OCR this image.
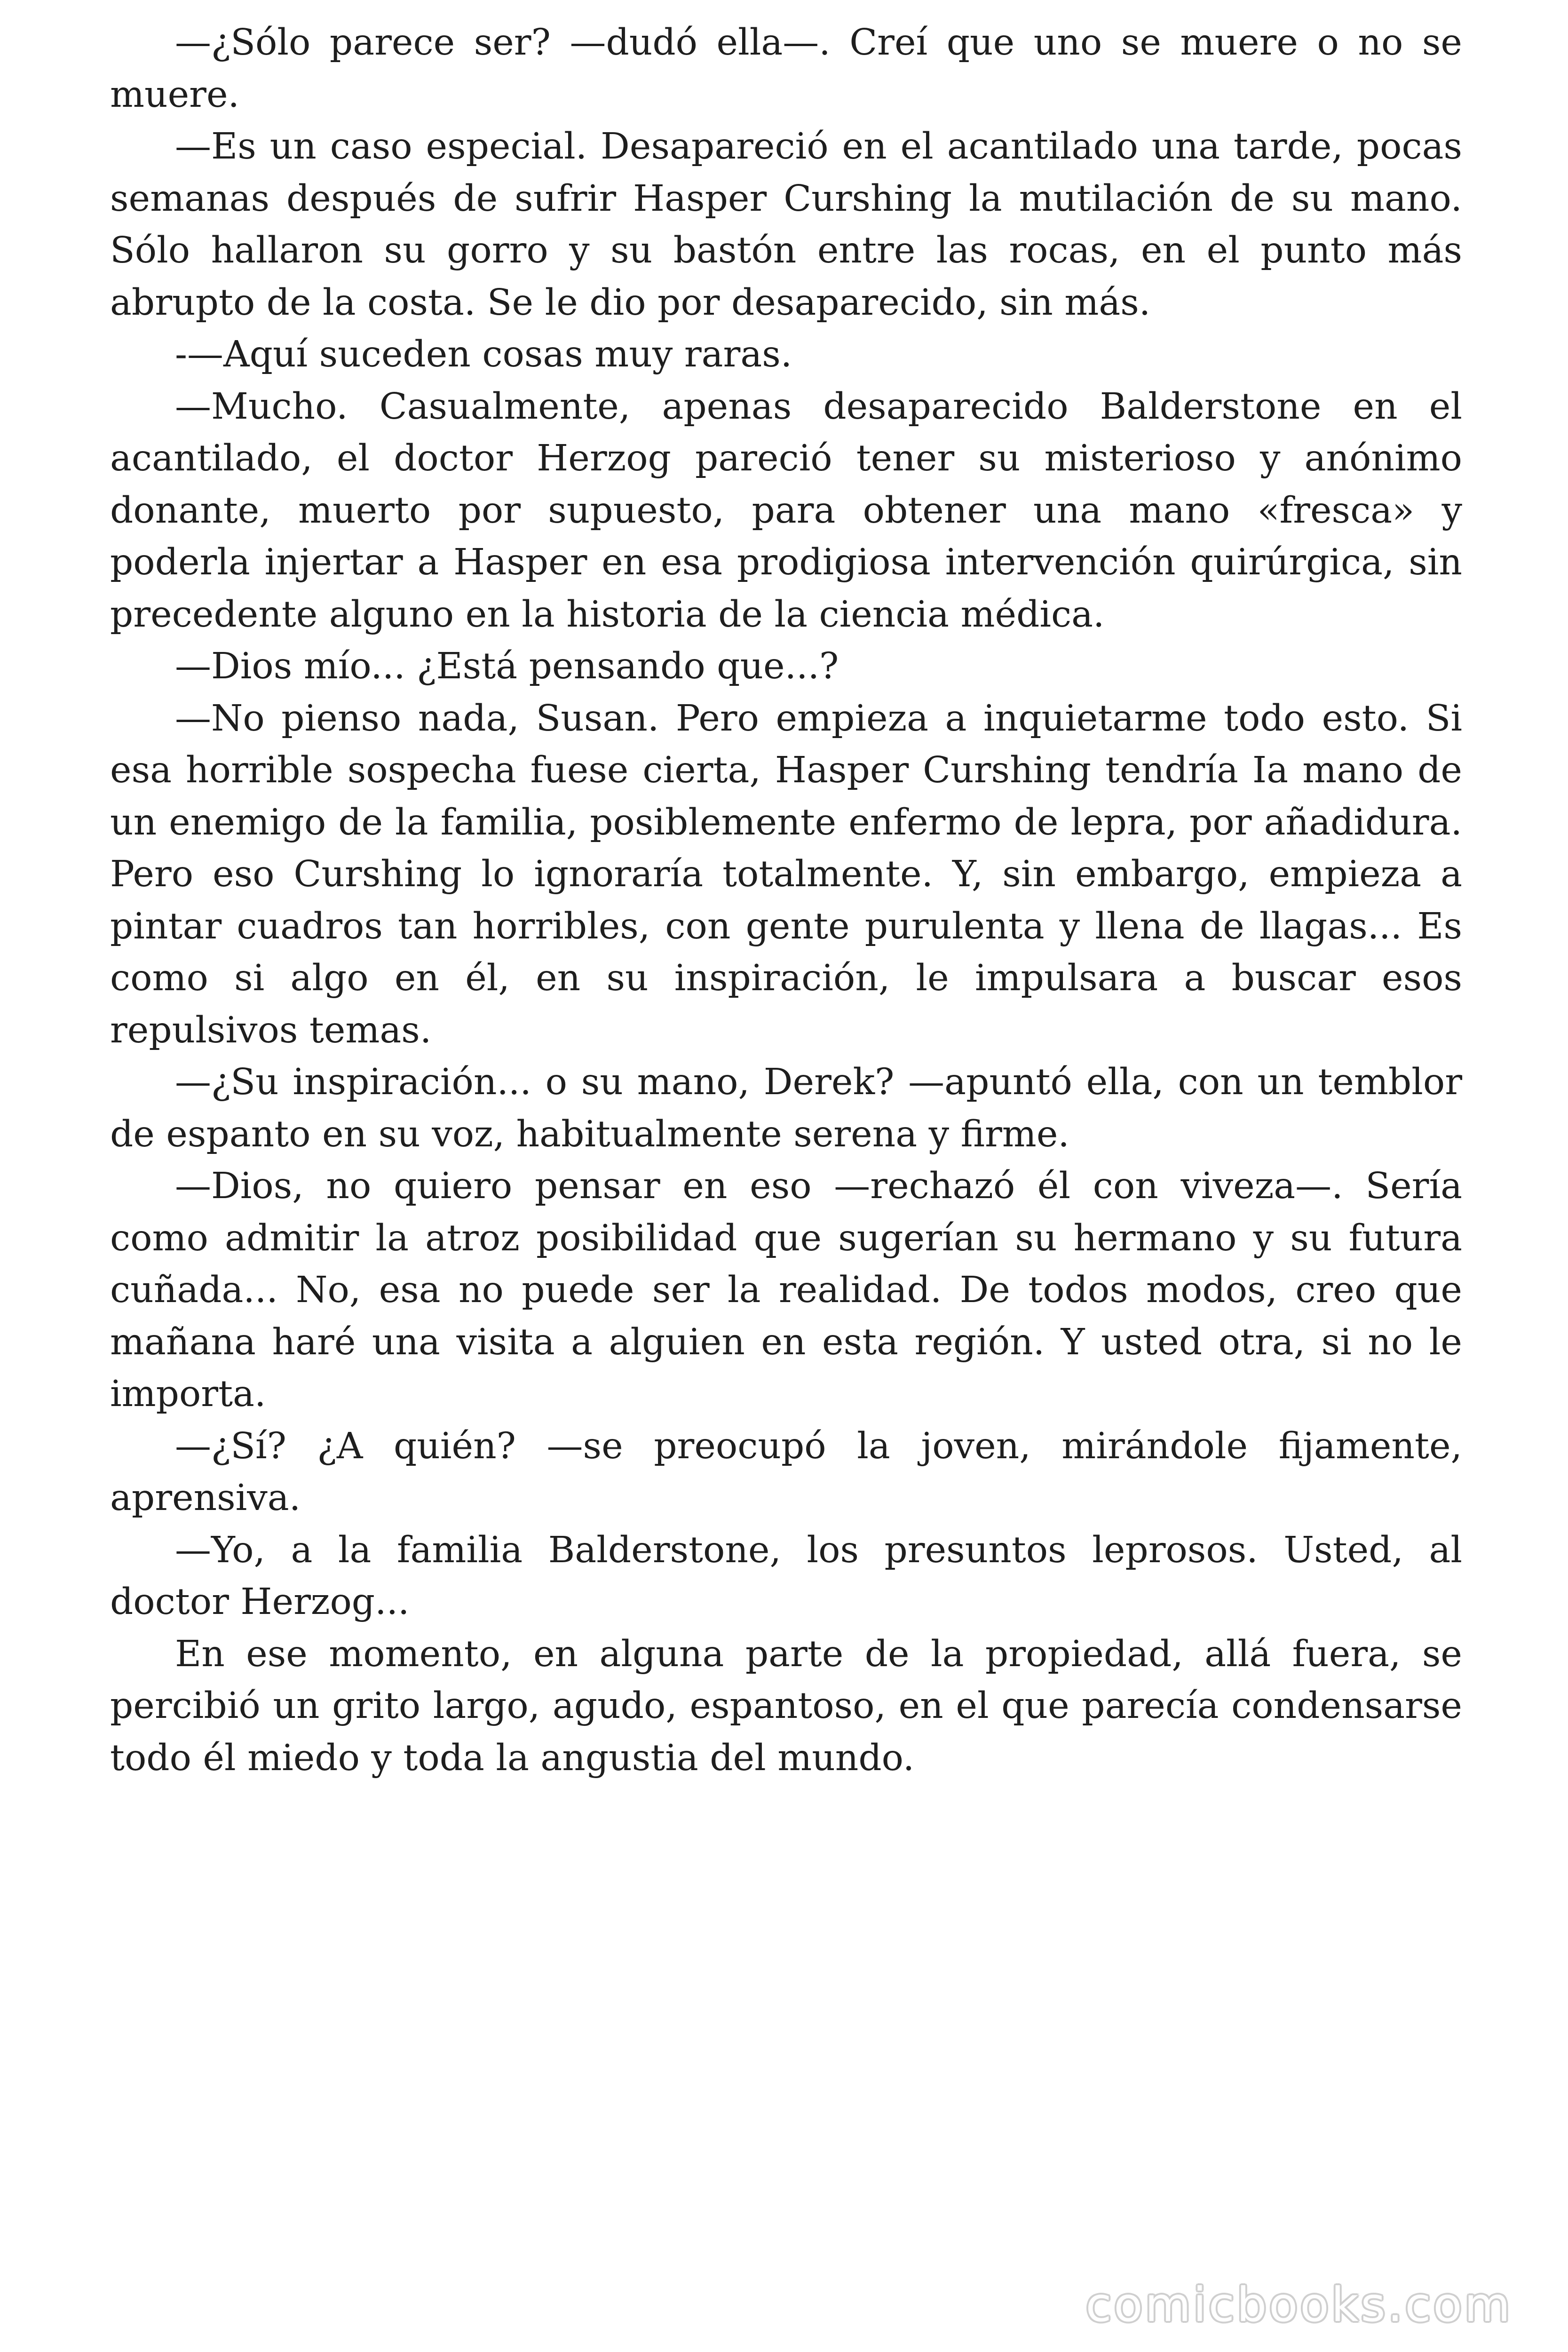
—¿Sólo parece ser? —dudó ella—. Creí que uno se muere o no se muere.

—Es un caso especial. Desapareció en el acantilado una tarde, pocas semanas después de sufrir Hasper Curshing la mutilación de su mano. Sólo hallaron su gorro y su bastón entre las rocas, en el punto más abrupto de la costa. Se le dio por desaparecido, sin más.

-—Aquí suceden cosas muy raras.

—Mucho. Casualmente, apenas desaparecido Balderstone en el acantilado, el doctor Herzog pareció tener su misterioso y anónimo donante, muerto por supuesto, para obtener una mano «fresca» y poderla injertar a Hasper en esa prodigiosa intervención quirúrgica, sin precedente alguno en la historia de la ciencia médica.

—Dios mío... ¿Está pensando que...?

—No pienso nada, Susan. Pero empieza a inquietarme todo esto. Si esa horrible sospecha fuese cierta, Hasper Curshing tendría Ia mano de un enemigo de la familia, posiblemente enfermo de lepra, por añadidura. Pero eso Curshing lo ignoraría totalmente. Y, sin embargo, empieza a pintar cuadros tan horribles, con gente purulenta y llena de llagas... Es como si algo en él, en su inspiración, le impulsara a buscar esos repulsivos temas.

—¿Su inspiración... o su mano, Derek? —apuntó ella, con un temblor de espanto en su voz, habitualmente serena y firme.

—Dios, no quiero pensar en eso —rechazó él con viveza—. Sería como admitir la atroz posibilidad que sugerían su hermano y su futura cuñada... No, esa no puede ser la realidad. De todos modos, creo que mañana haré una visita a alguien en esta región. Y usted otra, si no le importa.

—¿Sí? ¿A quién? —se preocupó la joven, mirándole fijamente, aprensiva.

—Yo, a la familia Balderstone, los presuntos leprosos. Usted, al doctor Herzog...

En ese momento, en alguna parte de la propiedad, allá fuera, se percibió un grito largo, agudo, espantoso, en el que parecía condensarse todo él miedo y toda la angustia del mundo.

comicbooks.com
